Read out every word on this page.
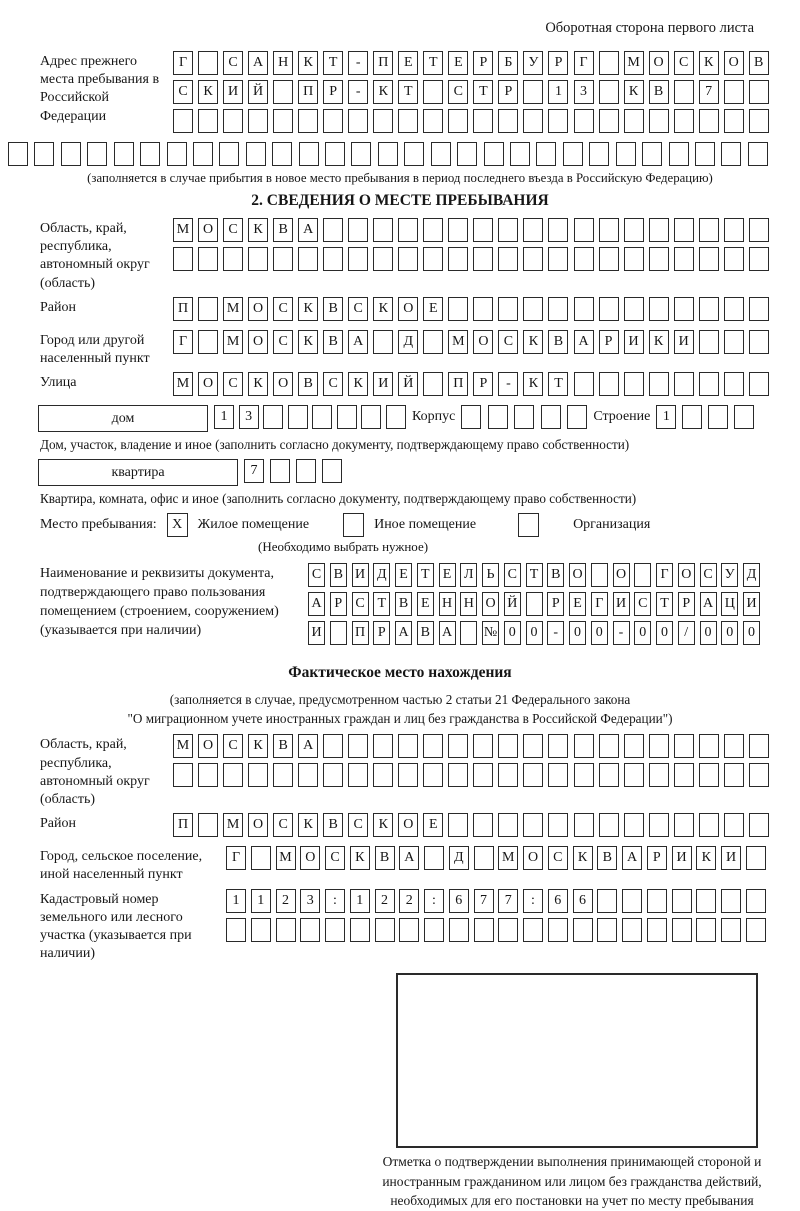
Оборотная сторона первого листа
Адрес прежнего места пребывания в Российской Федерации
Г	С	А	Н	К	Т	-	П	Е	Т	Е	Р	Б	У	Р	Г	М О	С	К	О	В
С	К	И	Й	П	Р	-	К	Т	С	Т	Р	1	3	К	В	7
(заполняется в случае прибытия в новое место пребывания в период последнего въезда в Российскую Федерацию)
2. СВЕДЕНИЯ О МЕСТЕ ПРЕБЫВАНИЯ
Область, край, республика, автономный округ (область)
М О	С	К	В	А
Район	П	М О	С	К	В	С	К	О	Е
Город или другой населенный пункт
Г	М О	С	К	В	А	Д	М О	С	К	В	А	Р	И	К	И
Улица	М О	С	К	О	В	С	К	И	Й	П	Р	-	К	Т
дом	1	3	Корпус	Строение 1
Дом, участок, владение и иное (заполнить согласно документу, подтверждающему право собственности)
квартира	7
Квартира, комната, офис и иное (заполнить согласно документу, подтверждающему право собственности)
Место пребывания:	X	Жилое помещение	Иное помещение	Организация
(Необходимо выбрать нужное)
Наименование и реквизиты документа, подтверждающего право пользования помещением (строением, сооружением) (указывается при наличии)
С В И Д Е Т Е Л Ь С Т В О О	Г О С У Д
А Р С Т В Е Н Н О Й	Р Е Г И С Т Р А Ц И
И П Р А В А № 0	0	-	0	0	-	0	0	/	0	0	0
Фактическое место нахождения
(заполняется в случае, предусмотренном частью 2 статьи 21 Федерального закона
"О миграционном учете иностранных граждан и лиц без гражданства в Российской Федерации")
Область, край, республика, автономный округ (область)
М О	С	К	В	А
Район	П	М О	С	К	В	С	К	О	Е
Город, сельское поселение, иной населенный пункт
Г	М О	С	К	В	А	Д	М О	С	К	В	А	Р	И	К	И
Кадастровый номер земельного или лесного участка (указывается при наличии)
1	1	2	3	:	1	2	2	:	6	7	7	:	6	6
Отметка о подтверждении выполнения принимающей стороной и иностранным гражданином или лицом без гражданства действий, необходимых для его постановки на учет по месту пребывания
